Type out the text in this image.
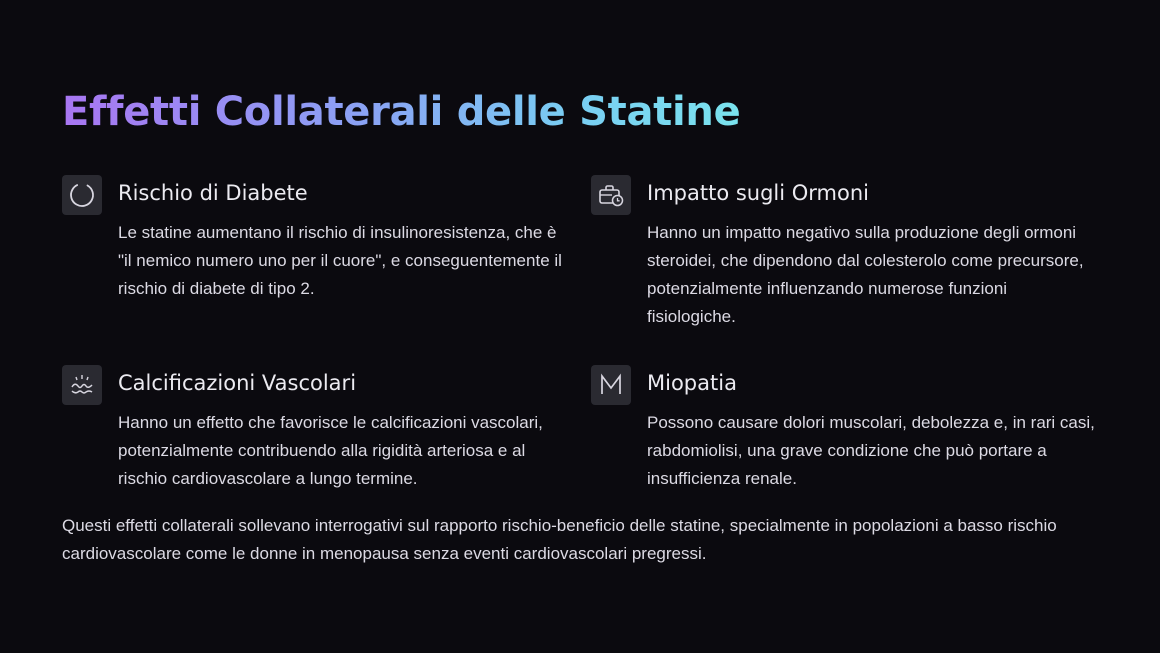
Effetti Collaterali delle Statine
Rischio di Diabete

Le statine aumentano il rischio di insulinoresistenza, che è "il nemico numero uno per il cuore", e conseguentemente il rischio di diabete di tipo 2.

Impatto sugli Ormoni

Hanno un impatto negativo sulla produzione degli ormoni steroidei, che dipendono dal colesterolo come precursore, potenzialmente influenzando numerose funzioni fisiologiche.

Calcificazioni Vascolari

Hanno un effetto che favorisce le calcificazioni vascolari, potenzialmente contribuendo alla rigidità arteriosa e al rischio cardiovascolare a lungo termine.

Miopatia

Possono causare dolori muscolari, debolezza e, in rari casi, rabdomiolisi, una grave condizione che può portare a insufficienza renale.

Questi effetti collaterali sollevano interrogativi sul rapporto rischio-beneficio delle statine, specialmente in popolazioni a basso rischio cardiovascolare come le donne in menopausa senza eventi cardiovascolari pregressi.
